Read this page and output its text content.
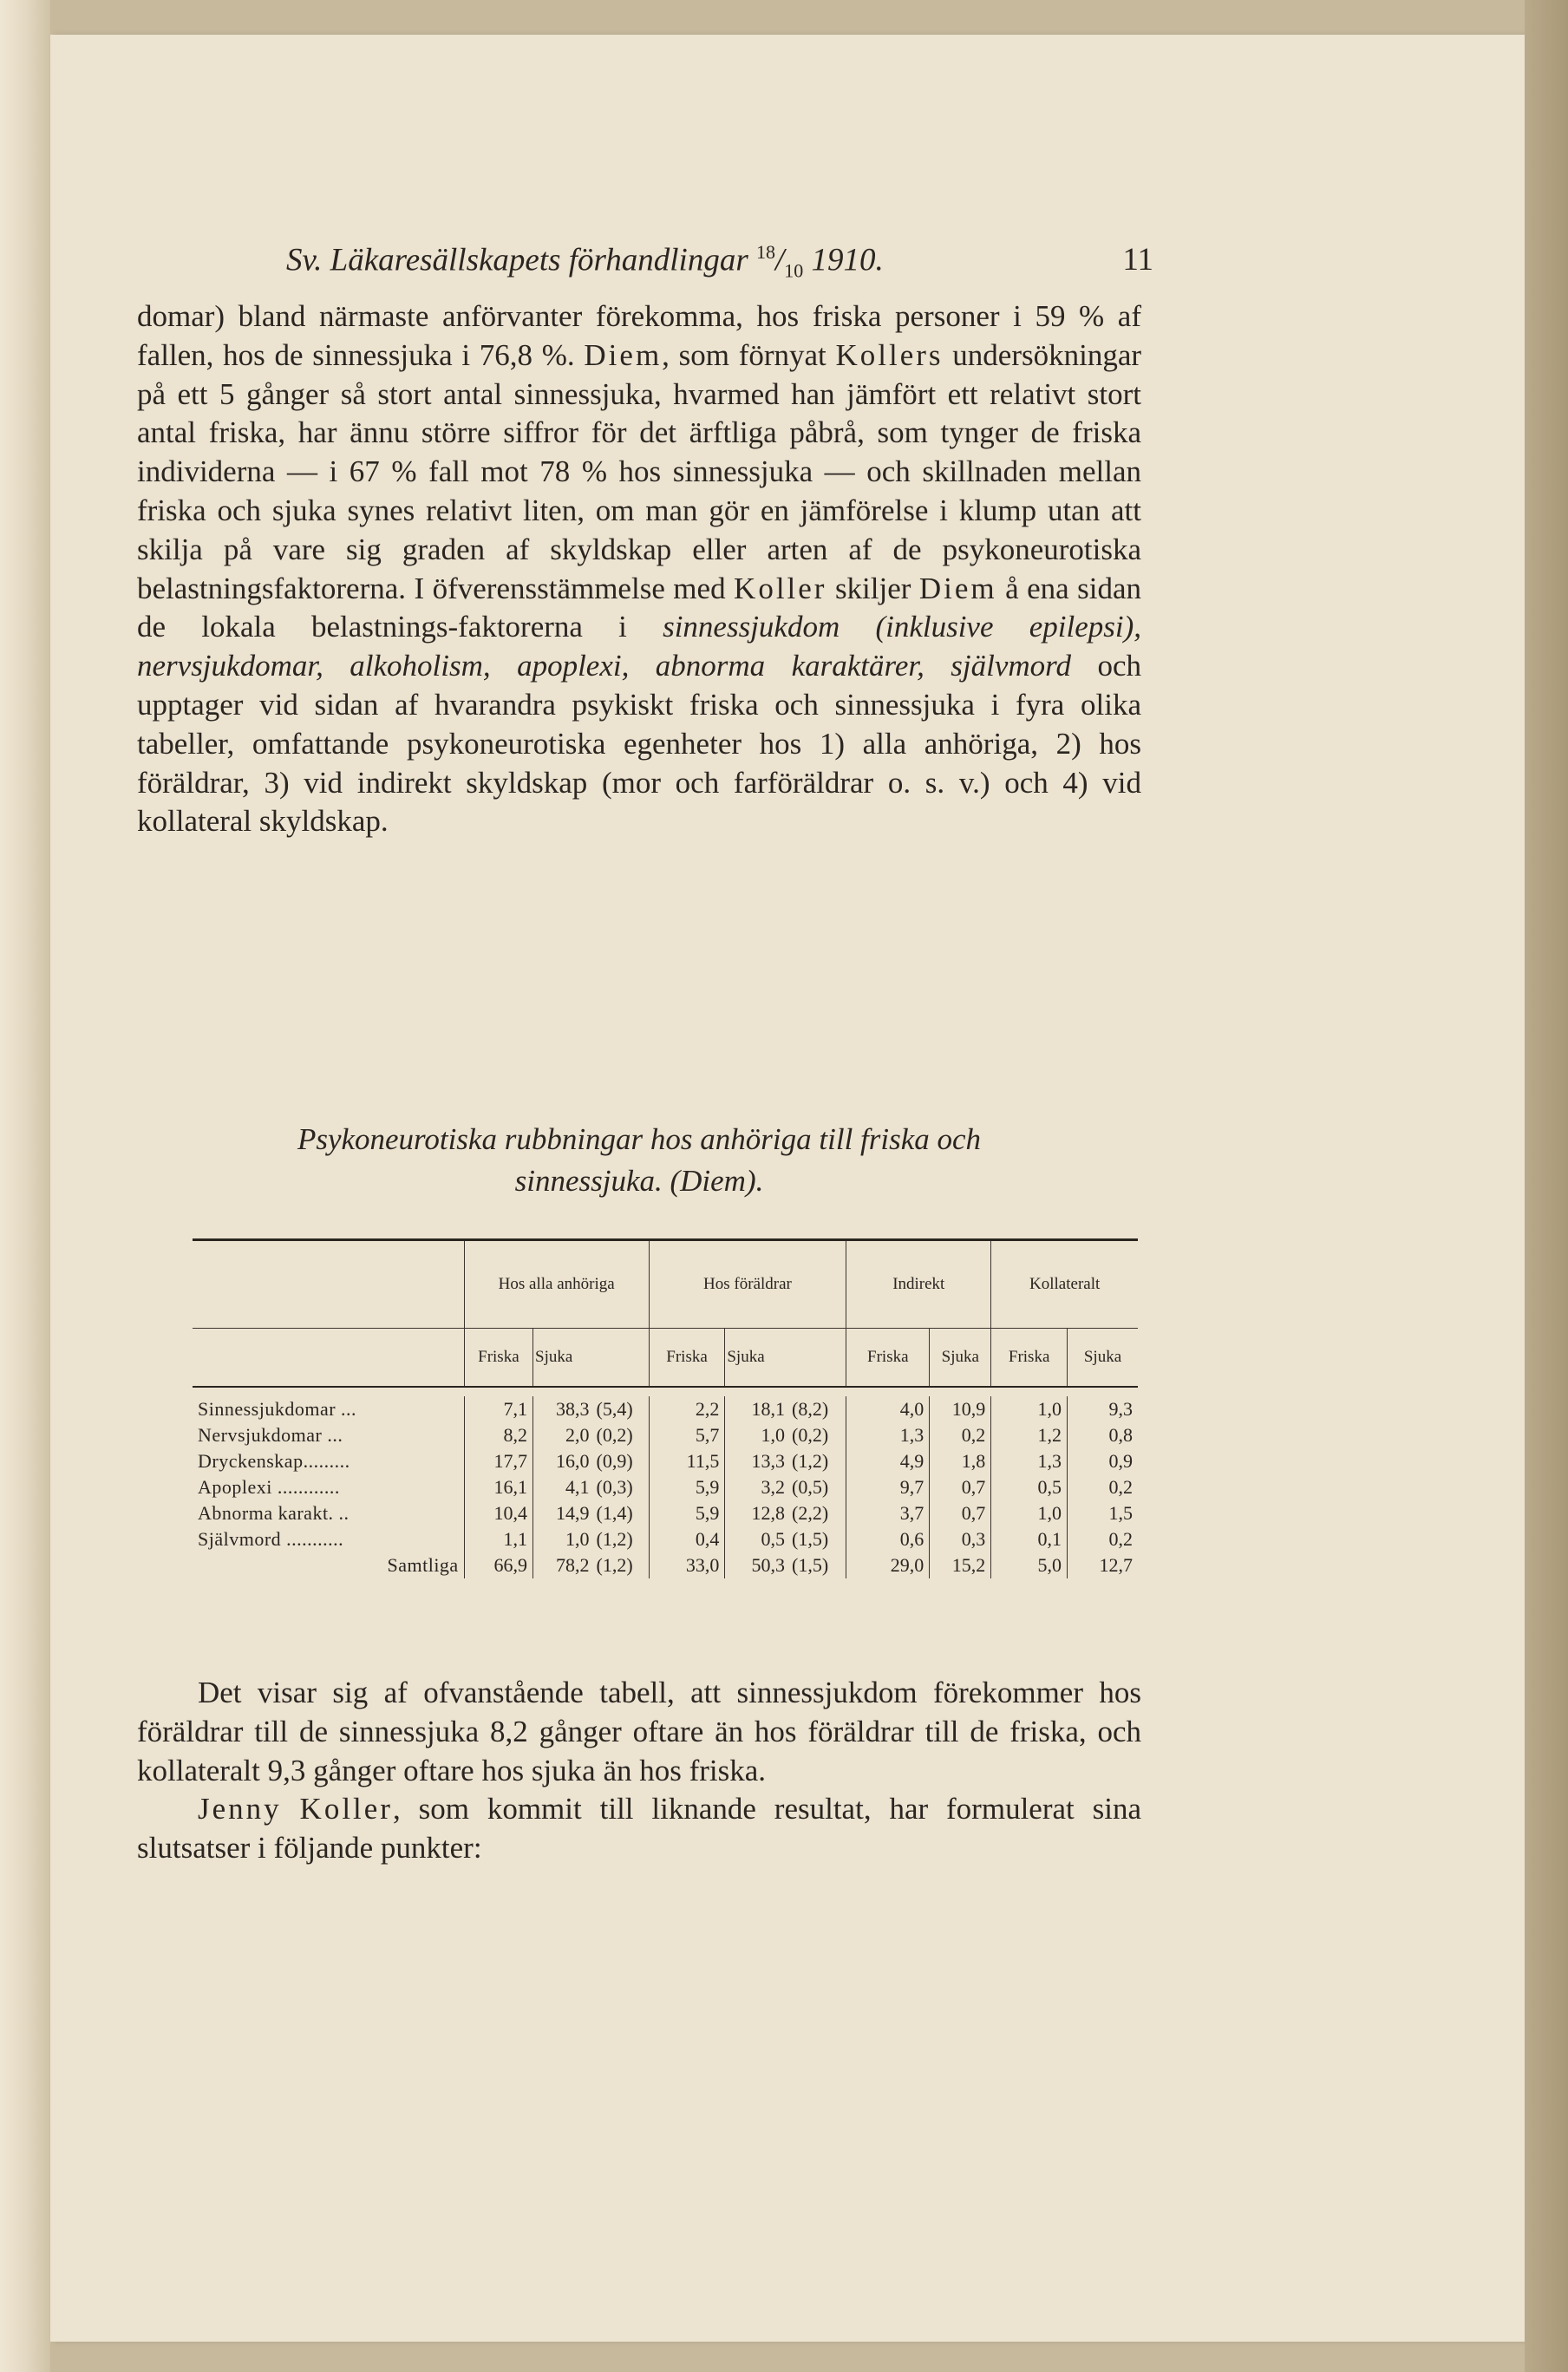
Sv. Läkaresällskapets förhandlingar $^{18}/_{10}$ 1910.	11

domar) bland närmaste anförvanter förekomma, hos friska personer i 59 % af fallen, hos de sinnessjuka i 76,8 %. Diem, som förnyat Kollers undersökningar på ett 5 gånger så stort antal sinnessjuka, hvarmed han jämfört ett relativt stort antal friska, har ännu större siffror för det ärftliga påbrå, som tynger de friska individerna — i 67 % fall mot 78 % hos sinnessjuka — och skillnaden mellan friska och sjuka synes relativt liten, om man gör en jämförelse i klump utan att skilja på vare sig graden af skyldskap eller arten af de psykoneurotiska belastningsfaktorerna. I öfverensstämmelse med Koller skiljer Diem å ena sidan de lokala belastnings-faktorerna i sinnessjukdom (inklusive epilepsi), nervsjukdomar, alkoholism, apoplexi, abnorma karaktärer, självmord och upptager vid sidan af hvarandra psykiskt friska och sinnessjuka i fyra olika tabeller, omfattande psykoneurotiska egenheter hos 1) alla anhöriga, 2) hos föräldrar, 3) vid indirekt skyldskap (mor och farföräldrar o. s. v.) och 4) vid kollateral skyldskap.

Psykoneurotiska rubbningar hos anhöriga till friska och

sinnessjuka. (Diem).

	Hos alla anhöriga			Hos föräldrar			Indirekt		Kollateralt	
	Friska	Sjuka		Friska	Sjuka		Friska	Sjuka	Friska	Sjuka

Sinnessjukdomar ...	7,1	38,3	(5,4)	2,2	18,1	(8,2)	4,0	10,9	1,0	9,3
Nervsjukdomar ...	8,2	2,0	(0,2)	5,7	1,0	(0,2)	1,3	0,2	1,2	0,8
Dryckenskap.........	17,7	16,0	(0,9)	11,5	13,3	(1,2)	4,9	1,8	1,3	0,9
Apoplexi ............	16,1	4,1	(0,3)	5,9	3,2	(0,5)	9,7	0,7	0,5	0,2
Abnorma karakt. ..	10,4	14,9	(1,4)	5,9	12,8	(2,2)	3,7	0,7	1,0	1,5
Självmord ...........	1,1	1,0	(1,2)	0,4	0,5	(1,5)	0,6	0,3	0,1	0,2
Samtliga	66,9	78,2	(1,2)	33,0	50,3	(1,5)	29,0	15,2	5,0	12,7

Det visar sig af ofvanstående tabell, att sinnessjukdom förekommer hos föräldrar till de sinnessjuka 8,2 gånger oftare än hos föräldrar till de friska, och kollateralt 9,3 gånger oftare hos sjuka än hos friska.

Jenny Koller, som kommit till liknande resultat, har formulerat sina slutsatser i följande punkter:
